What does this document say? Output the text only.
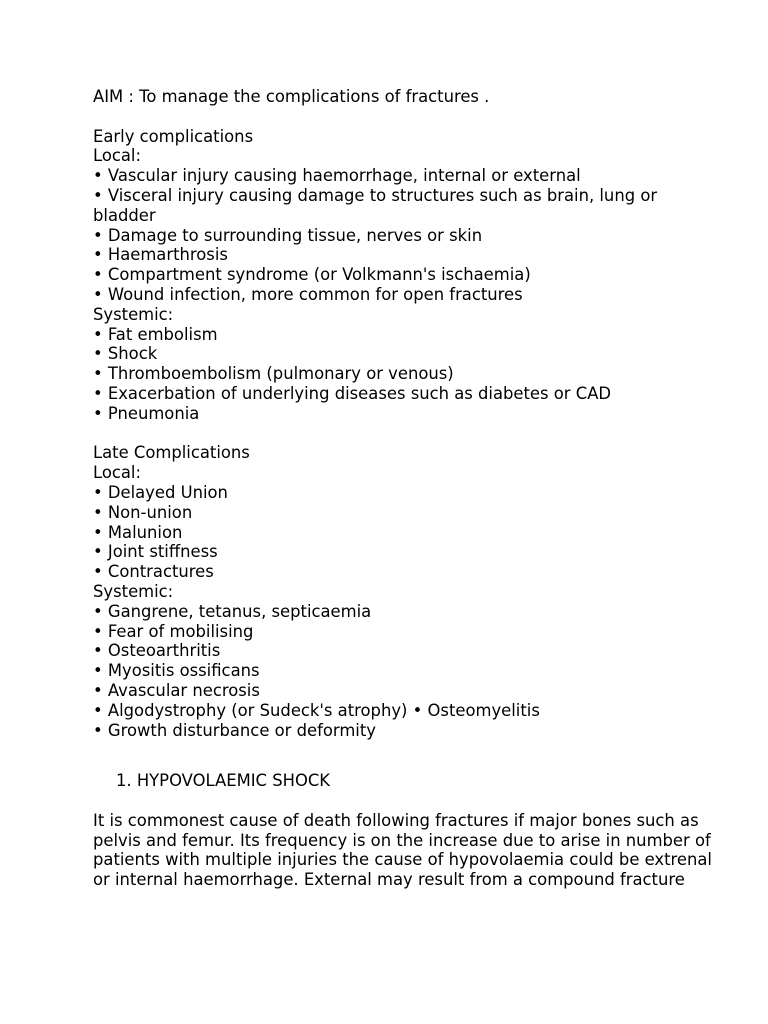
AIM : To manage the complications of fractures .
Early complications
Local:
• Vascular injury causing haemorrhage, internal or external
• Visceral injury causing damage to structures such as brain, lung or bladder
• Damage to surrounding tissue, nerves or skin
• Haemarthrosis
• Compartment syndrome (or Volkmann's ischaemia)
• Wound infection, more common for open fractures
Systemic:
• Fat embolism
• Shock
• Thromboembolism (pulmonary or venous)
• Exacerbation of underlying diseases such as diabetes or CAD
• Pneumonia
Late Complications
Local:
• Delayed Union
• Non-union
• Malunion
• Joint stiffness
• Contractures
Systemic:
• Gangrene, tetanus, septicaemia
• Fear of mobilising
• Osteoarthritis
• Myositis ossificans
• Avascular necrosis
• Algodystrophy (or Sudeck's atrophy) • Osteomyelitis
• Growth disturbance or deformity
1. HYPOVOLAEMIC SHOCK
It is commonest cause of death following fractures if major bones such as pelvis and femur. Its frequency is on the increase due to arise in number of patients with multiple injuries the cause of hypovolaemia could be extrenal or internal haemorrhage. External may result from a compound fracture
